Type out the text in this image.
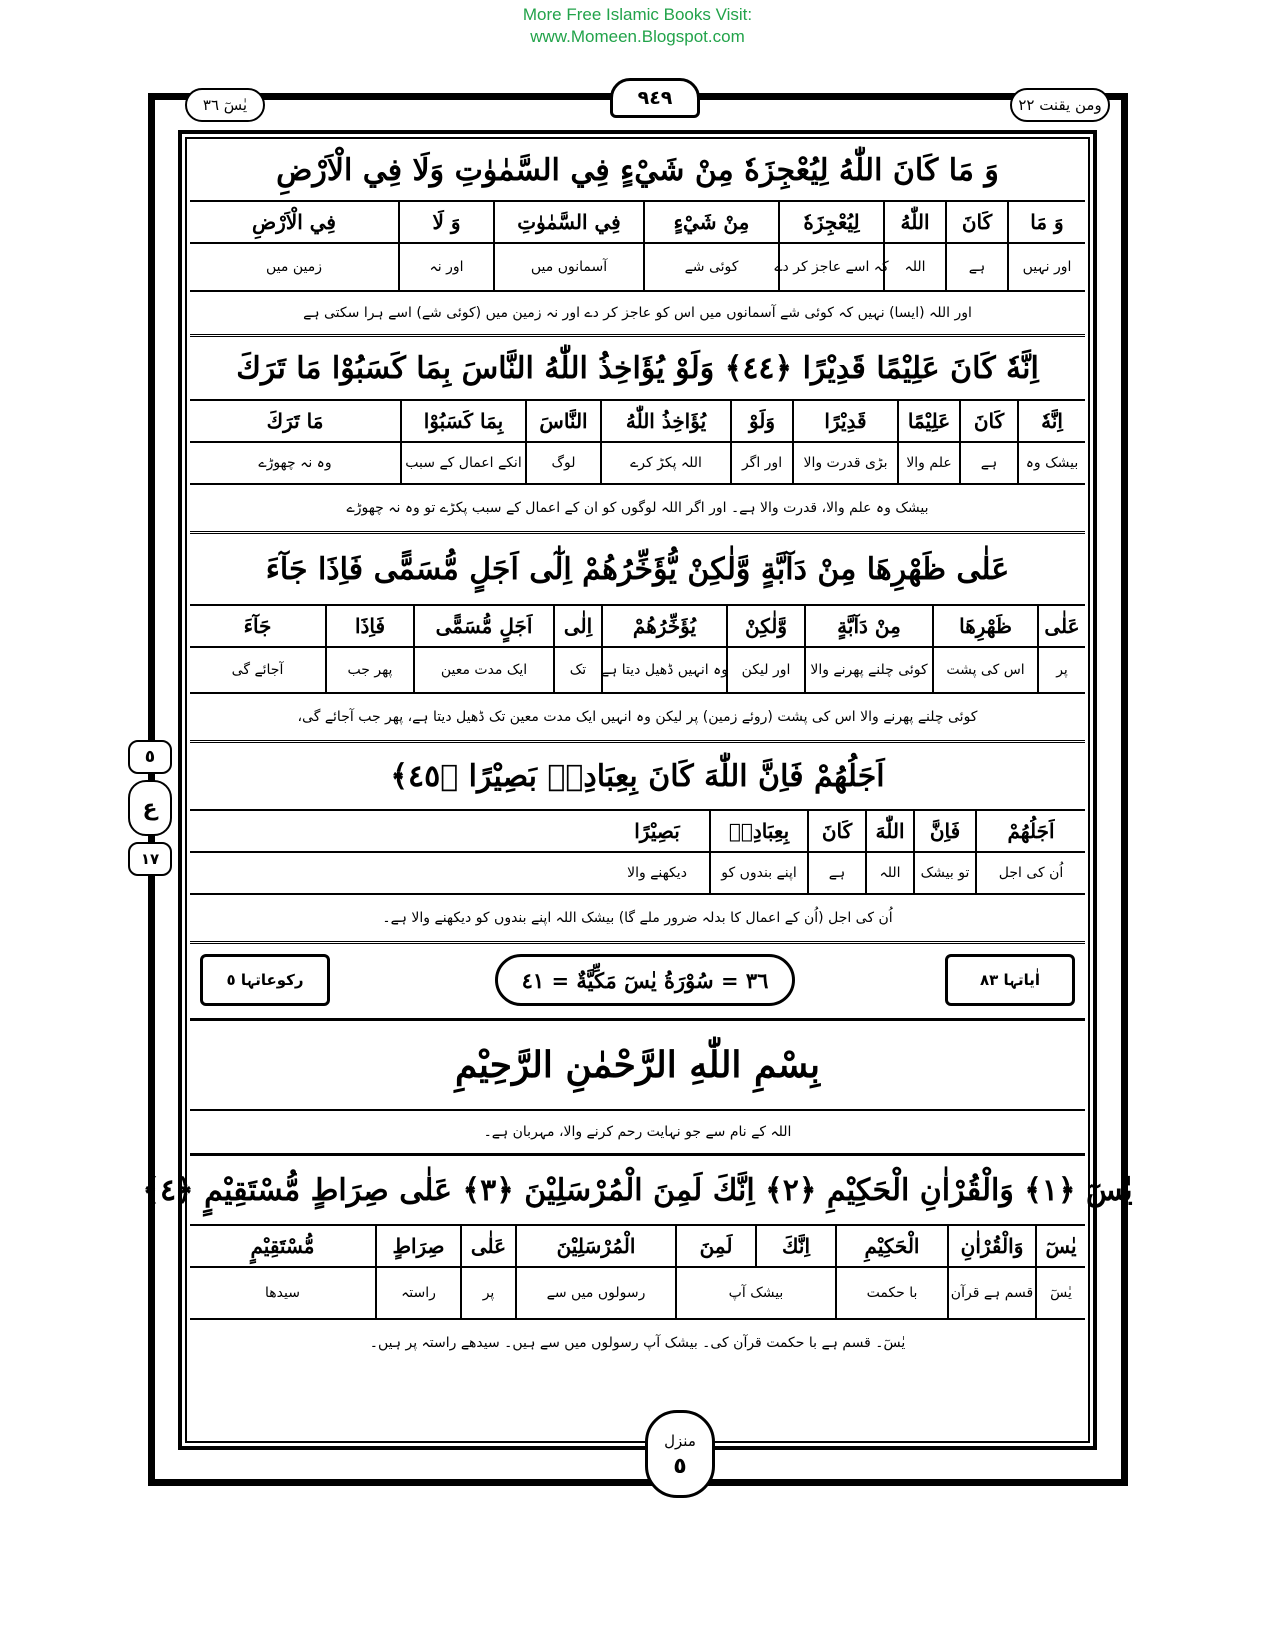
More Free Islamic Books Visit:
www.Momeen.Blogspot.com
يٰسٓ ٣٦	ومن يقنت ٢٢
٩٤٩
٥
ع
١٧
وَ مَا كَانَ اللّٰهُ لِيُعْجِزَهٗ مِنْ شَيْءٍ فِي السَّمٰوٰتِ وَلَا فِي الْاَرْضِ
وَ مَا
كَانَ
اللّٰهُ
لِيُعْجِزَهٗ
مِنْ شَيْءٍ
فِي السَّمٰوٰتِ
وَ لَا
فِي الْاَرْضِ
اور نہیں
ہے
اللہ
کہ اسے عاجز کر دے
کوئی شے
آسمانوں میں
اور نہ
زمین میں
اور اللہ (ایسا) نہیں کہ کوئی شے آسمانوں میں اس کو عاجز کر دے اور نہ زمین میں (کوئی شے) اسے ہرا سکتی ہے
اِنَّهٗ كَانَ عَلِيْمًا قَدِيْرًا ﴿٤٤﴾ وَلَوْ يُؤَاخِذُ اللّٰهُ النَّاسَ بِمَا كَسَبُوْا مَا تَرَكَ
اِنَّهٗ
كَانَ
عَلِيْمًا
قَدِيْرًا
وَلَوْ
يُؤَاخِذُ اللّٰهُ
النَّاسَ
بِمَا كَسَبُوْا
مَا تَرَكَ
بیشک وہ
ہے
علم والا
بڑی قدرت والا
اور اگر
اللہ پکڑ کرے
لوگ
انکے اعمال کے سبب
وہ نہ چھوڑے
بیشک وہ علم والا، قدرت والا ہے۔ اور اگر اللہ لوگوں کو ان کے اعمال کے سبب پکڑے تو وہ نہ چھوڑے
عَلٰى ظَهْرِهَا مِنْ دَآبَّةٍ وَّلٰكِنْ يُّؤَخِّرُهُمْ اِلٰٓى اَجَلٍ مُّسَمًّى فَاِذَا جَآءَ
عَلٰى
ظَهْرِهَا
مِنْ دَآبَّةٍ
وَّلٰكِنْ
يُؤَخِّرُهُمْ
اِلٰى
اَجَلٍ مُّسَمًّى
فَاِذَا
جَآءَ
پر
اس کی پشت
کوئی چلنے پھرنے والا
اور لیکن
وہ انہیں ڈھیل دیتا ہے
تک
ایک مدت معین
پھر جب
آجائے گی
کوئی چلنے پھرنے والا اس کی پشت (روئے زمین) پر لیکن وہ انہیں ایک مدت معین تک ڈھیل دیتا ہے، پھر جب آجائے گی،
اَجَلُهُمْ فَاِنَّ اللّٰهَ كَانَ بِعِبَادِهٖ بَصِيْرًا ﴿٤٥﴾
اَجَلُهُمْ
فَاِنَّ
اللّٰهَ
كَانَ
بِعِبَادِهٖ
بَصِيْرًا
اُن کی اجل
تو بیشک
اللہ
ہے
اپنے بندوں کو
دیکھنے والا
اُن کی اجل (اُن کے اعمال کا بدلہ ضرور ملے گا) بیشک اللہ اپنے بندوں کو دیکھنے والا ہے۔
اٰیاتہا ٨٣
٣٦ = سُوْرَةُ يٰسٓ مَكِّيَّةٌ = ٤١
رکوعاتہا ٥
بِسْمِ اللّٰهِ الرَّحْمٰنِ الرَّحِيْمِ
اللہ کے نام سے جو نہایت رحم کرنے والا، مہربان ہے۔
يٰسٓ ﴿١﴾ وَالْقُرْاٰنِ الْحَكِيْمِ ﴿٢﴾ اِنَّكَ لَمِنَ الْمُرْسَلِيْنَ ﴿٣﴾ عَلٰى صِرَاطٍ مُّسْتَقِيْمٍ ﴿٤﴾
يٰسٓ
وَالْقُرْاٰنِ
الْحَكِيْمِ
اِنَّكَ
لَمِنَ
الْمُرْسَلِيْنَ
عَلٰى
صِرَاطٍ
مُّسْتَقِيْمٍ
یٰسٓ
قسم ہے قرآن
با حکمت
بیشک آپ
رسولوں میں سے
پر
راستہ
سیدھا
یٰسٓ۔ قسم ہے با حکمت قرآن کی۔ بیشک آپ رسولوں میں سے ہیں۔ سیدھے راستہ پر ہیں۔
منزل
٥
